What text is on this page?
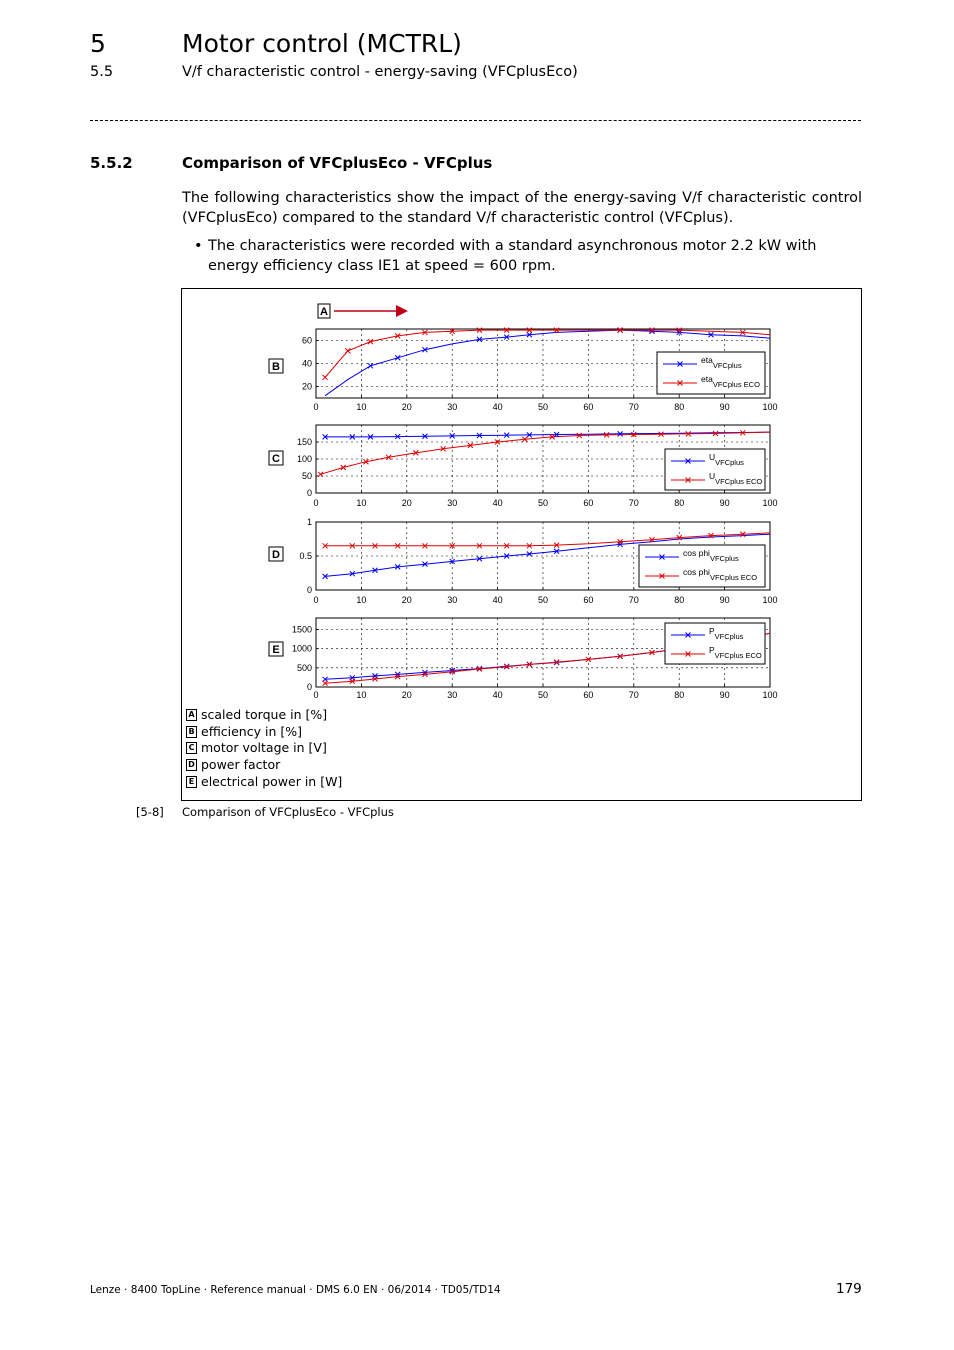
5	Motor control (MCTRL)
5.5	V/f characteristic control - energy-saving (VFCplusEco)
5.5.2	Comparison of VFCplusEco - VFCplus
The following characteristics show the impact of the energy-saving V/f characteristic control (VFCplusEco) compared to the standard V/f characteristic control (VFCplus).
• The characteristics were recorded with a standard asynchronous motor 2.2 kW with energy efficiency class IE1 at speed = 600 rpm.
A
B
0	10	20	30	40	50	60	70	80	90	100
20
40
60
etaVFCplus
etaVFCplus ECO
C
0	10	20	30	40	50	60	70	80	90	100
0
50
100
150
UVFCplus
UVFCplus ECO
D
0	10	20	30	40	50	60	70	80	90	100
0
0.5
1
cos phiVFCplus
cos phiVFCplus ECO
E
0	10	20	30	40	50	60	70	80	90	100
0
500
1000
1500	PVFCplus
PVFCplus ECO
A scaled torque in [%]
B efficiency in [%]
C motor voltage in [V]
D power factor
E electrical power in [W]
[5-8] Comparison of VFCplusEco - VFCplus
Lenze · 8400 TopLine · Reference manual · DMS 6.0 EN · 06/2014 · TD05/TD14	179
